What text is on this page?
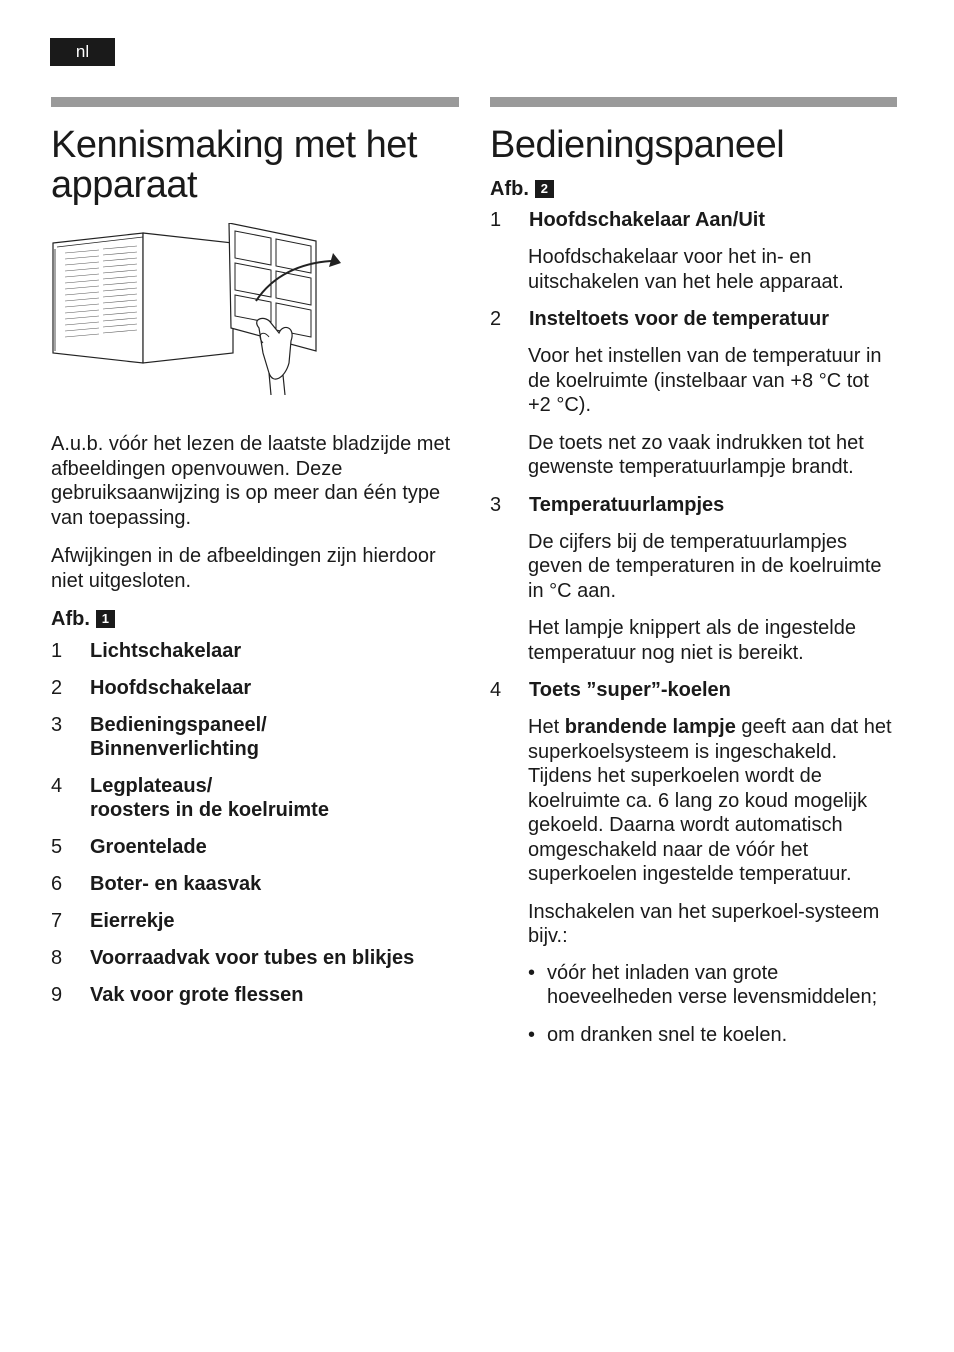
nl
Kennismaking met het apparaat

A.u.b. vóór het lezen de laatste bladzijde met afbeeldingen openvouwen. Deze gebruiksaanwijzing is op meer dan één type van toepassing.

Afwijkingen in de afbeeldingen zijn hierdoor niet uitgesloten.

Afb. 1
1	Lichtschakelaar
2	Hoofdschakelaar
3	Bedieningspaneel/
Binnenverlichting
4	Legplateaus/
roosters in de koelruimte
5	Groentelade
6	Boter- en kaasvak
7	Eierrekje
8	Voorraadvak voor tubes en blikjes
9	Vak voor grote flessen
Bedieningspaneel
Afb. 2
1	Hoofdschakelaar Aan/Uit

Hoofdschakelaar voor het in- en uitschakelen van het hele apparaat.

2	Insteltoets voor de temperatuur

Voor het instellen van de temperatuur in de koelruimte (instelbaar van +8 °C tot +2 °C).

De toets net zo vaak indrukken tot het gewenste temperatuurlampje brandt.

3	Temperatuurlampjes

De cijfers bij de temperatuurlampjes geven de temperaturen in de koelruimte in °C aan.

Het lampje knippert als de ingestelde temperatuur nog niet is bereikt.

4	Toets ”super”-koelen

Het brandende lampje geeft aan dat het superkoelsysteem is ingeschakeld. Tijdens het superkoelen wordt de koelruimte ca. 6 lang zo koud mogelijk gekoeld. Daarna wordt automatisch omgeschakeld naar de vóór het superkoelen ingestelde temperatuur.

Inschakelen van het superkoel-systeem bijv.:

• vóór het inladen van grote hoeveelheden verse levensmiddelen;
• om dranken snel te koelen.
